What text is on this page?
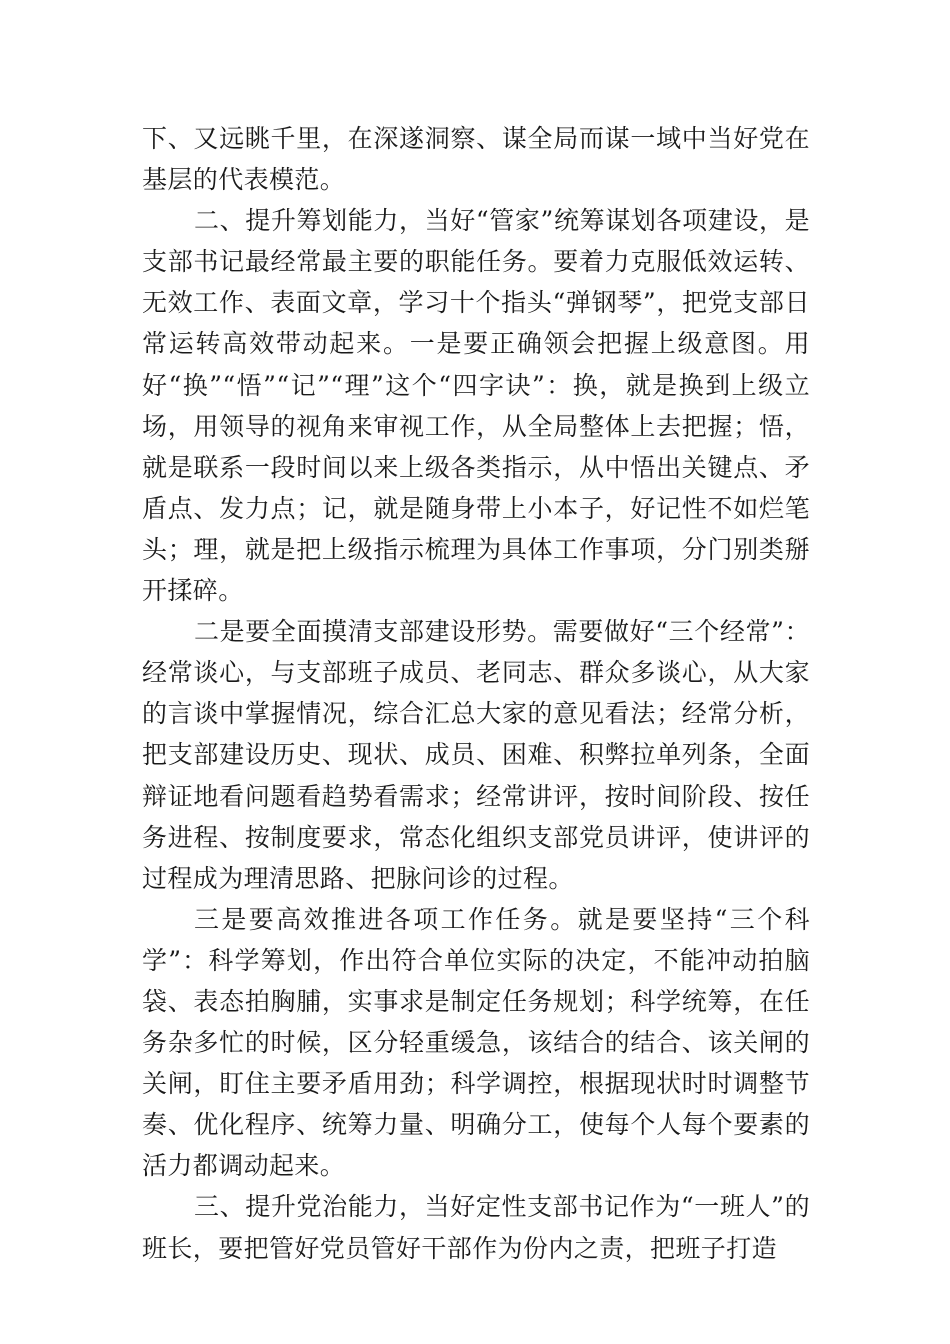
下、又远眺千里，在深遂洞察、谋全局而谋一域中当好党在基层的代表模范。

二、提升筹划能力，当好“管家”统筹谋划各项建设，是支部书记最经常最主要的职能任务。要着力克服低效运转、无效工作、表面文章，学习十个指头“弹钢琴”，把党支部日常运转高效带动起来。一是要正确领会把握上级意图。用好“换”“悟”“记”“理”这个“四字诀”：换，就是换到上级立场，用领导的视角来审视工作，从全局整体上去把握；悟，就是联系一段时间以来上级各类指示，从中悟出关键点、矛盾点、发力点；记，就是随身带上小本子，好记性不如烂笔头；理，就是把上级指示梳理为具体工作事项，分门别类掰开揉碎。

二是要全面摸清支部建设形势。需要做好“三个经常”：经常谈心，与支部班子成员、老同志、群众多谈心，从大家的言谈中掌握情况，综合汇总大家的意见看法；经常分析，把支部建设历史、现状、成员、困难、积弊拉单列条，全面辩证地看问题看趋势看需求；经常讲评，按时间阶段、按任务进程、按制度要求，常态化组织支部党员讲评，使讲评的过程成为理清思路、把脉问诊的过程。

三是要高效推进各项工作任务。就是要坚持“三个科学”：科学筹划，作出符合单位实际的决定，不能冲动拍脑袋、表态拍胸脯，实事求是制定任务规划；科学统筹，在任务杂多忙的时候，区分轻重缓急，该结合的结合、该关闸的关闸，盯住主要矛盾用劲；科学调控，根据现状时时调整节奏、优化程序、统筹力量、明确分工，使每个人每个要素的活力都调动起来。

三、提升党治能力，当好定性支部书记作为“一班人”的班长，要把管好党员管好干部作为份内之责，把班子打造
